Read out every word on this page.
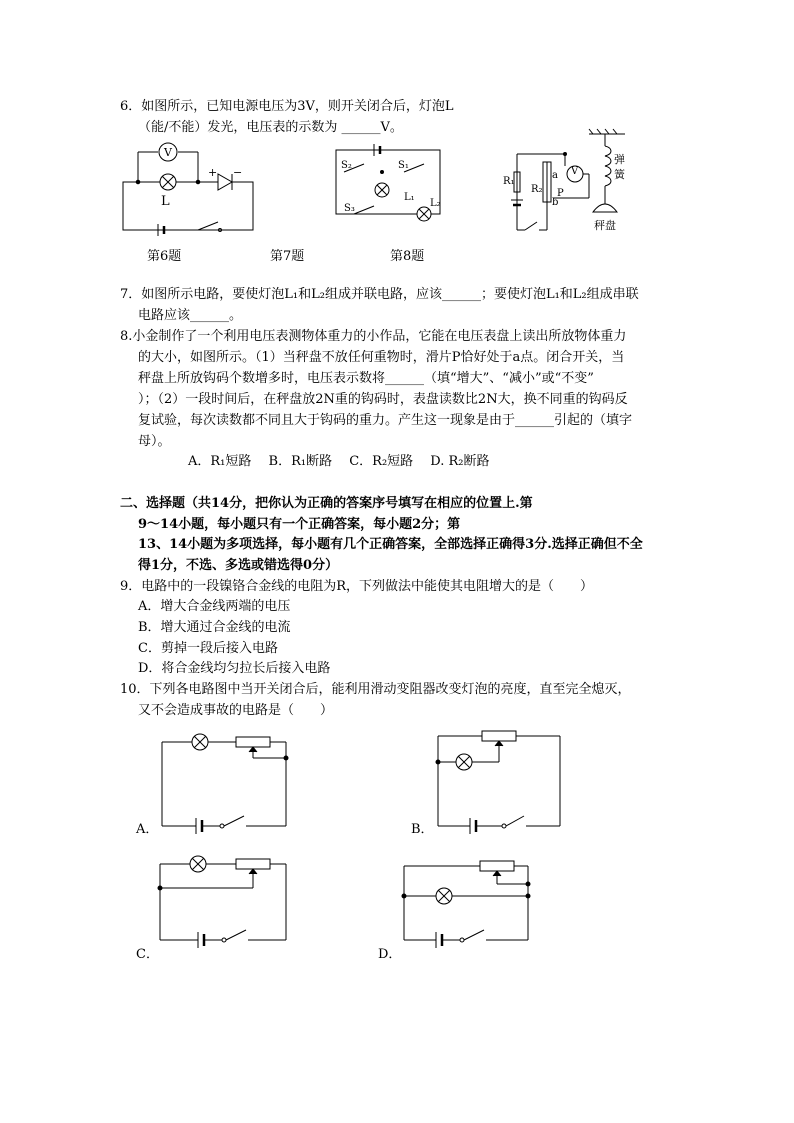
6．如图所示，已知电源电压为3V，则开关闭合后，灯泡L
（能/不能）发光，电压表的示数为 ______V。
V
L
+ −
第6题
S₂	S₁
S₃
L₁
L₂
第7题	第8题
R₁
R₂
a
b
P
V
弹
簧
秤盘
7．如图所示电路，要使灯泡L₁和L₂组成并联电路，应该______；要使灯泡L₁和L₂组成串联
电路应该______。
8.小金制作了一个利用电压表测物体重力的小作品，它能在电压表盘上读出所放物体重力
的大小，如图所示。（1）当秤盘不放任何重物时，滑片P恰好处于a点。闭合开关，当
秤盘上所放钩码个数增多时，电压表示数将______（填“增大”、“减小”或“不变”
）；（2）一段时间后，在秤盘放2N重的钩码时，表盘读数比2N大，换不同重的钩码反
复试验，每次读数都不同且大于钩码的重力。产生这一现象是由于______引起的（填字
母）。
A．R₁短路　 B．R₁断路　 C．R₂短路　 D. R₂断路
二、选择题（共14分，把你认为正确的答案序号填写在相应的位置上.第
9～14小题，每小题只有一个正确答案，每小题2分；第
13、14小题为多项选择，每小题有几个正确答案，全部选择正确得3分.选择正确但不全
得1分，不选、多选或错选得0分）
9．电路中的一段镍铬合金线的电阻为R，下列做法中能使其电阻增大的是（　　）
A．增大合金线两端的电压
B．增大通过合金线的电流
C．剪掉一段后接入电路
D．将合金线均匀拉长后接入电路
10．下列各电路图中当开关闭合后，能利用滑动变阻器改变灯泡的亮度，直至完全熄灭，
又不会造成事故的电路是（　　）
A．	B．
C．	D．
